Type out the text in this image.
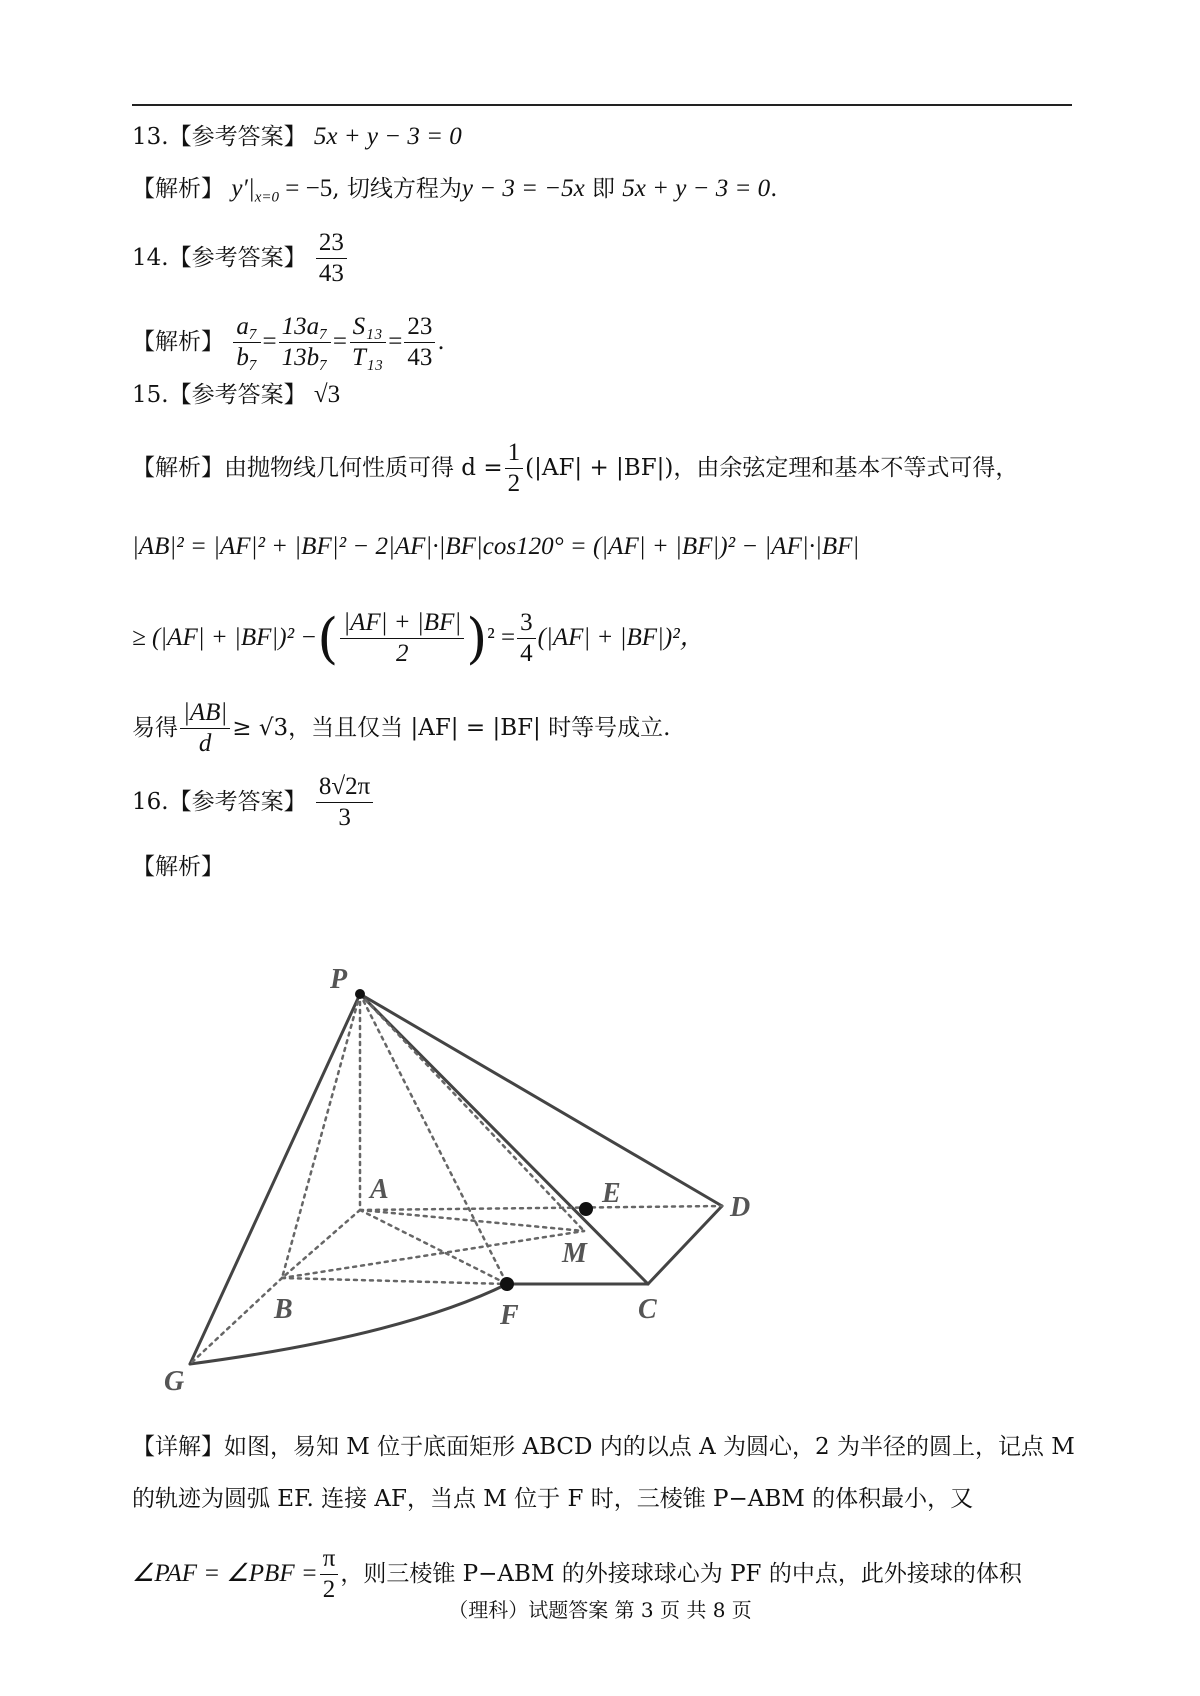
13.【参考答案】 5x + y − 3 = 0
【解析】 $y'|_{x=0} = -5$, 切线方程为y − 3 = −5x 即 5x + y − 3 = 0.
14.【参考答案】 $\frac{23}{43}$
【解析】 $\frac{\text{a₇}}{\text{b₇}} = \frac{\text{13a₇}}{\text{13b₇}} = \frac{\text{S₁₃}}{\text{T₁₃}} = \frac{23}{43}$ .
15.【参考答案】 √3
【解析】由抛物线几何性质可得 $d = \frac{1}{2} (|AF| + |BF|)$，由余弦定理和基本不等式可得，
|AB|² = |AF|² + |BF|² − 2|AF|·|BF|cos120° = (|AF| + |BF|)² − |AF|·|BF|
≥ (|AF| + |BF|)² −( $\frac{|AF| + |BF|}{2} )^2 = \frac{3}{4} (|AF| + |BF|)^2$，
易得 $\frac{|AB|}{d} \ge √3$，当且仅当 |AF| = |BF| 时等号成立.
16.【参考答案】 $\frac{8√2\pi}{3}$
【解析】
P
A
B	C
D
E
F
G
M
【详解】如图，易知 M 位于底面矩形 ABCD 内的以点 A 为圆心，2 为半径的圆上，记点 M
的轨迹为圆弧 EF. 连接 AF，当点 M 位于 F 时，三棱锥 P−ABM 的体积最小，又
∠PAF = ∠PBF = $\frac{\pi}{2}$ ，则三棱锥 P−ABM 的外接球球心为 PF 的中点，此外接球的体积
（理科）试题答案 第 3 页 共 8 页
